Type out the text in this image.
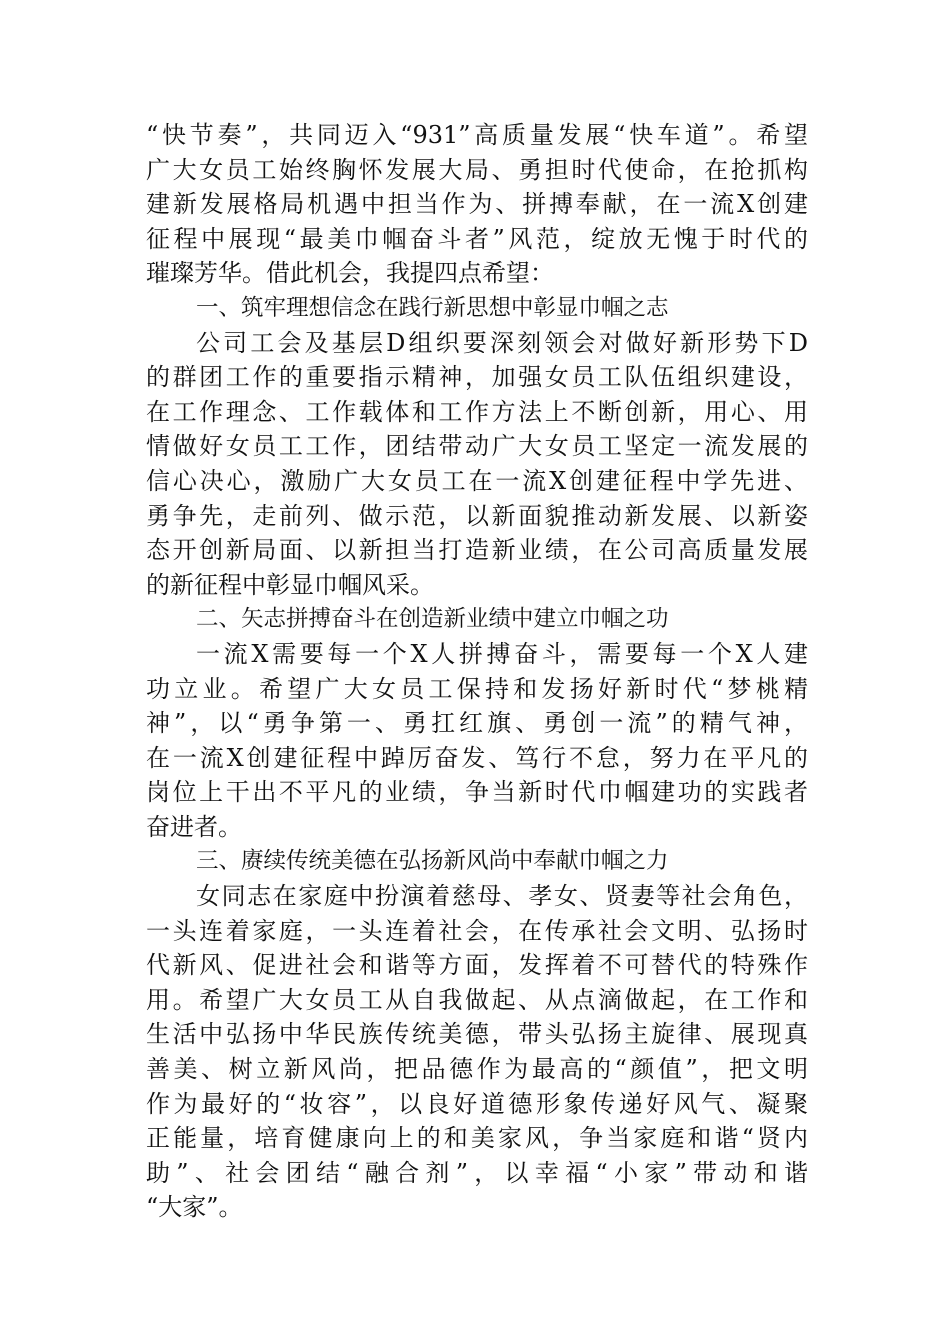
“快节奏”，共同迈入“931”高质量发展“快车道”。希望
广大女员工始终胸怀发展大局、勇担时代使命，在抢抓构
建新发展格局机遇中担当作为、拼搏奉献，在一流X创建
征程中展现“最美巾帼奋斗者”风范，绽放无愧于时代的
璀璨芳华。借此机会，我提四点希望：
一、筑牢理想信念在践行新思想中彰显巾帼之志
公司工会及基层D组织要深刻领会对做好新形势下D
的群团工作的重要指示精神，加强女员工队伍组织建设，
在工作理念、工作载体和工作方法上不断创新，用心、用
情做好女员工工作，团结带动广大女员工坚定一流发展的
信心决心，激励广大女员工在一流X创建征程中学先进、
勇争先，走前列、做示范，以新面貌推动新发展、以新姿
态开创新局面、以新担当打造新业绩，在公司高质量发展
的新征程中彰显巾帼风采。
二、矢志拼搏奋斗在创造新业绩中建立巾帼之功
一流X需要每一个X人拼搏奋斗，需要每一个X人建
功立业。希望广大女员工保持和发扬好新时代“梦桃精
神”，以“勇争第一、勇扛红旗、勇创一流”的精气神，
在一流X创建征程中踔厉奋发、笃行不怠，努力在平凡的
岗位上干出不平凡的业绩，争当新时代巾帼建功的实践者
奋进者。
三、赓续传统美德在弘扬新风尚中奉献巾帼之力
女同志在家庭中扮演着慈母、孝女、贤妻等社会角色，
一头连着家庭，一头连着社会，在传承社会文明、弘扬时
代新风、促进社会和谐等方面，发挥着不可替代的特殊作
用。希望广大女员工从自我做起、从点滴做起，在工作和
生活中弘扬中华民族传统美德，带头弘扬主旋律、展现真
善美、树立新风尚，把品德作为最高的“颜值”，把文明
作为最好的“妆容”，以良好道德形象传递好风气、凝聚
正能量，培育健康向上的和美家风，争当家庭和谐“贤内
助”、社会团结“融合剂”，以幸福“小家”带动和谐
“大家”。
